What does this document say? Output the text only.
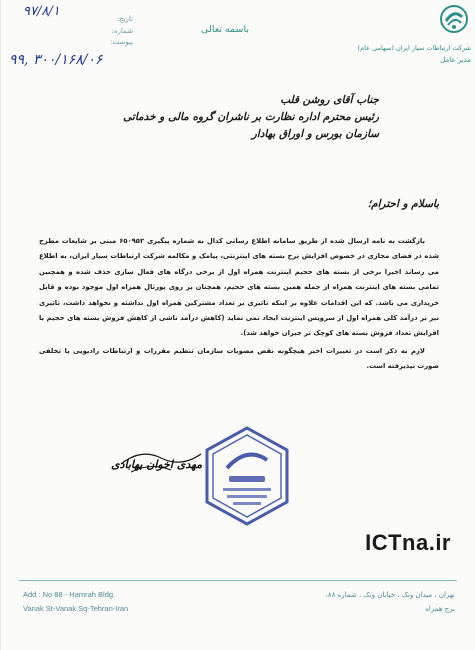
شرکت ارتباطات سیار ایران (سهامی عام)
مدیر عامل
باسمه تعالی
تاریخ:
شماره:
پیوست:
۹۷/۸/۱
۹۹, ۳۰۰/۱۶۸/۰۶
جناب آقای روشن قلب
رئیس محترم اداره نظارت بر ناشران گروه مالی و خدماتی
سازمان بورس و اوراق بهادار
باسلام و احترام؛

بازگشت به نامه ارسال شده از طریق سامانه اطلاع رسانی کدال به شماره پیگیری ۶۵۰۹۵۲ مبنی بر شایعات مطرح شده در فضای مجازی در خصوص افزایش نرخ بسته های اینترنتی، پیامک و مکالمه شرکت ارتباطات سیار ایران، به اطلاع می رساند اخیرا برخی از بسته های حجیم اینترنت همراه اول از برخی درگاه های فعال سازی حذف شده و همچنین تمامی بسته های اینترنت همراه از جمله همین بسته های حجیم، همچنان بر روی پورتال همراه اول موجود بوده و قابل خریداری می باشد. که این اقدامات علاوه بر اینکه تاثیری بر تعداد مشترکین همراه اول نداشته و نخواهد داشت، تاثیری نیز بر درآمد کلی همراه اول از سرویس اینترنت ایجاد نمی نماید (کاهش درآمد ناشی از کاهش فروش بسته های حجیم با افزایش تعداد فروش بسته های کوچک تر جبران خواهد شد).

لازم به ذکر است در تغییرات اخیر هیچگونه نقض مصوبات سازمان تنظیم مقررات و ارتباطات رادیویی یا تخلفی صورت نپذیرفته است.

مهدی اخوان بهابادی
ICTna.ir
Add : No 88 - Hamrah Bldg.
Vanak St-Vanak Sq-Tehran-Iran
تهران ، میدان ونک ، خیابان ونک ، شماره ۸۸،
برج همراه
